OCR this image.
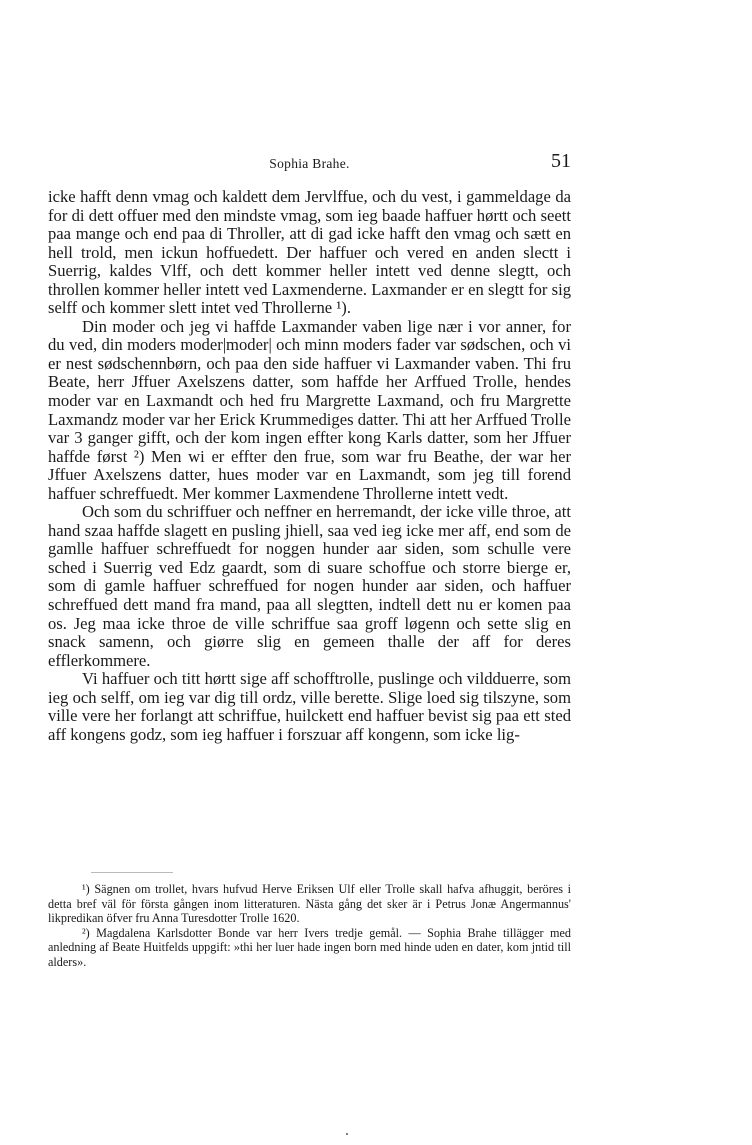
Sophia Brahe.	51

icke hafft denn vmag och kaldett dem Jervlffue, och du vest, i gammeldage da for di dett offuer med den mindste vmag, som ieg baade haffuer hørtt och seett paa mange och end paa di Throller, att di gad icke hafft den vmag och sætt en hell trold, men ickun hoffuedett. Der haffuer och vered en anden slectt i Suerrig, kaldes Vlff, och dett kommer heller intett ved denne slegtt, och throllen kommer heller intett ved Laxmenderne. Laxmander er en slegtt for sig selff och kommer slett intet ved Throllerne ¹).

Din moder och jeg vi haffde Laxmander vaben lige nær i vor anner, for du ved, din moders moder|moder| och minn moders fader var sødschen, och vi er nest sødschennbørn, och paa den side haffuer vi Laxmander vaben. Thi fru Beate, herr Jffuer Axelszens datter, som haffde her Arffued Trolle, hendes moder var en Laxmandt och hed fru Margrette Laxmand, och fru Margrette Laxmandz moder var her Erick Krummediges datter. Thi att her Arffued Trolle var 3 ganger gifft, och der kom ingen effter kong Karls datter, som her Jffuer haffde først ²) Men wi er effter den frue, som war fru Beathe, der war her Jffuer Axelszens datter, hues moder var en Laxmandt, som jeg till forend haffuer schreffuedt. Mer kommer Laxmendene Throllerne intett vedt.

Och som du schriffuer och neffner en herremandt, der icke ville throe, att hand szaa haffde slagett en pusling jhiell, saa ved ieg icke mer aff, end som de gamlle haffuer schreffuedt for noggen hunder aar siden, som schulle vere sched i Suerrig ved Edz gaardt, som di suare schoffue och storre bierge er, som di gamle haffuer schreffued for nogen hunder aar siden, och haffuer schreffued dett mand fra mand, paa all slegtten, indtell dett nu er komen paa os. Jeg maa icke throe de ville schriffue saa groff løgenn och sette slig en snack samenn, och giørre slig en gemeen thalle der aff for deres efflerkommere.

Vi haffuer och titt hørtt sige aff schofftrolle, puslinge och vildduerre, som ieg och selff, om ieg var dig till ordz, ville berette. Slige loed sig tilszyne, som ville vere her forlangt att schriffue, huilckett end haffuer bevist sig paa ett sted aff kongens godz, som ieg haffuer i forszuar aff kongenn, som icke lig-

¹) Sägnen om trollet, hvars hufvud Herve Eriksen Ulf eller Trolle skall hafva afhuggit, beröres i detta bref väl för första gången inom litteraturen. Nästa gång det sker är i Petrus Jonæ Angermannus' likpredikan öfver fru Anna Turesdotter Trolle 1620.

²) Magdalena Karlsdotter Bonde var herr Ivers tredje gemål. — Sophia Brahe tillägger med anledning af Beate Huitfelds uppgift: »thi her luer hade ingen born med hinde uden en dater, kom jntid till alders».
